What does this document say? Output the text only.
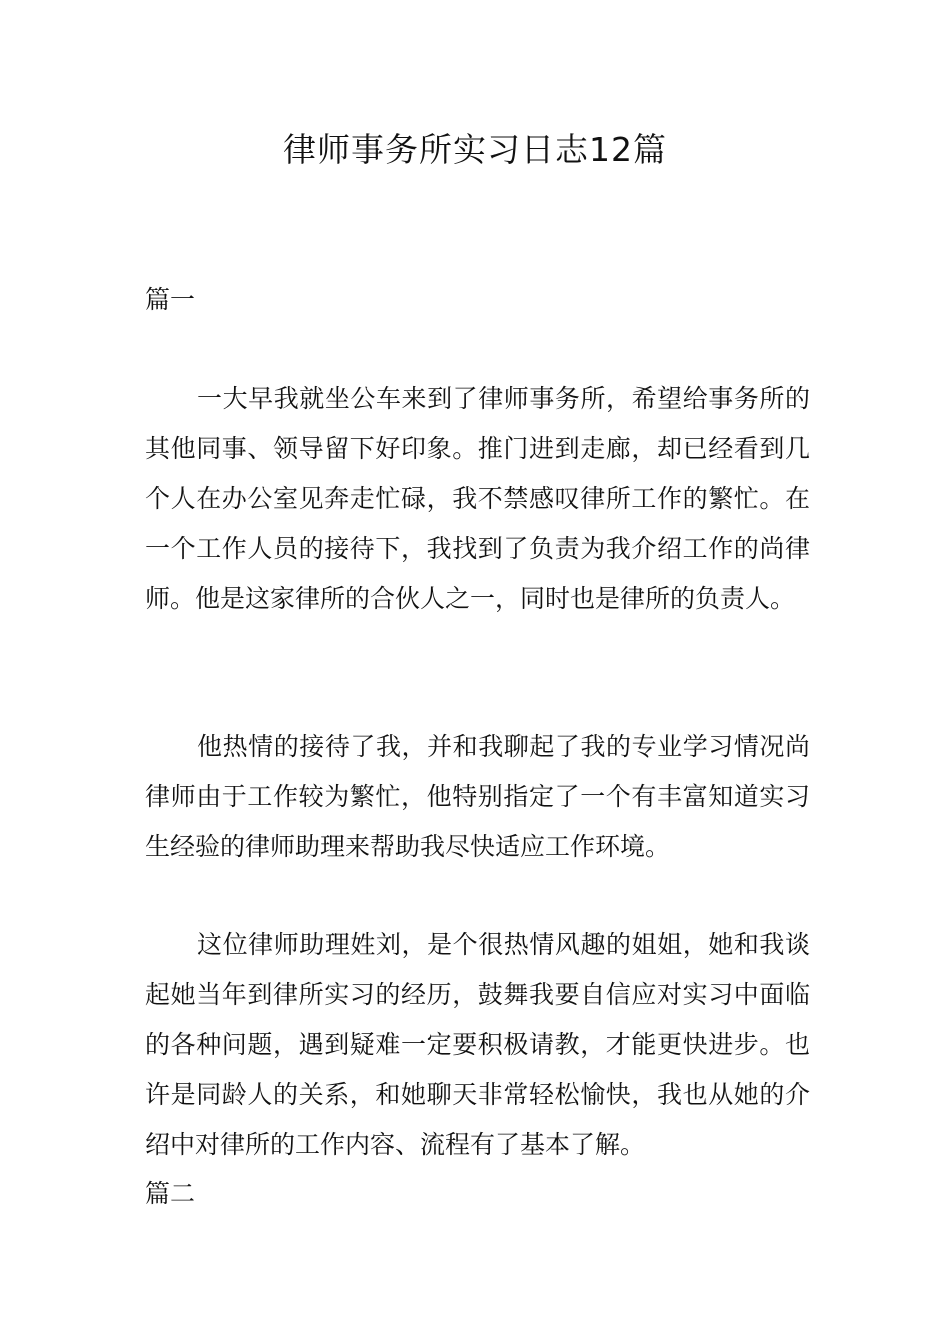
律师事务所实习日志12篇

篇一

一大早我就坐公车来到了律师事务所，希望给事务所的其他同事、领导留下好印象。推门进到走廊，却已经看到几个人在办公室见奔走忙碌，我不禁感叹律所工作的繁忙。在一个工作人员的接待下，我找到了负责为我介绍工作的尚律师。他是这家律所的合伙人之一，同时也是律所的负责人。

他热情的接待了我，并和我聊起了我的专业学习情况尚律师由于工作较为繁忙，他特别指定了一个有丰富知道实习生经验的律师助理来帮助我尽快适应工作环境。

这位律师助理姓刘，是个很热情风趣的姐姐，她和我谈起她当年到律所实习的经历，鼓舞我要自信应对实习中面临的各种问题，遇到疑难一定要积极请教，才能更快进步。也许是同龄人的关系，和她聊天非常轻松愉快，我也从她的介绍中对律所的工作内容、流程有了基本了解。

篇二
